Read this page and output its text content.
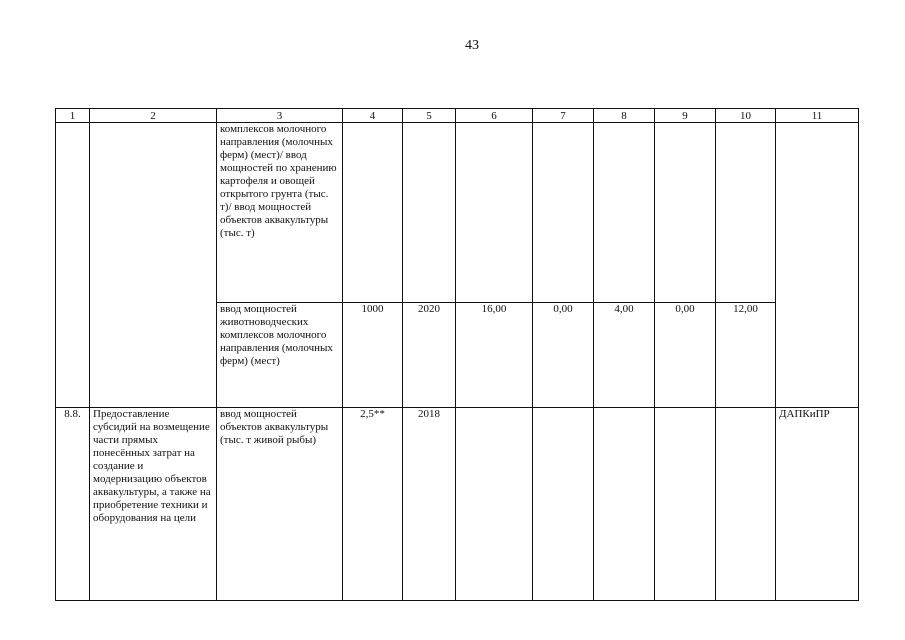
43
1	2	3	4	5	6	7	8	9	10	11
		комплексов молочного направления (молочных ферм) (мест)/ ввод мощностей по хранению картофеля и овощей открытого грунта (тыс. т)/ ввод мощностей объектов аквакультуры (тыс. т)								
		ввод мощностей животноводческих комплексов молочного направления (молочных ферм) (мест)	1000	2020	16,00	0,00	4,00	0,00	12,00	
8.8.	Предоставление субсидий на возмещение части прямых понесённых затрат на создание и модернизацию объектов аквакультуры, а также на приобретение техники и оборудования на цели	ввод мощностей объектов аквакультуры (тыс. т живой рыбы)	2,5**	2018						ДАПКиПР
